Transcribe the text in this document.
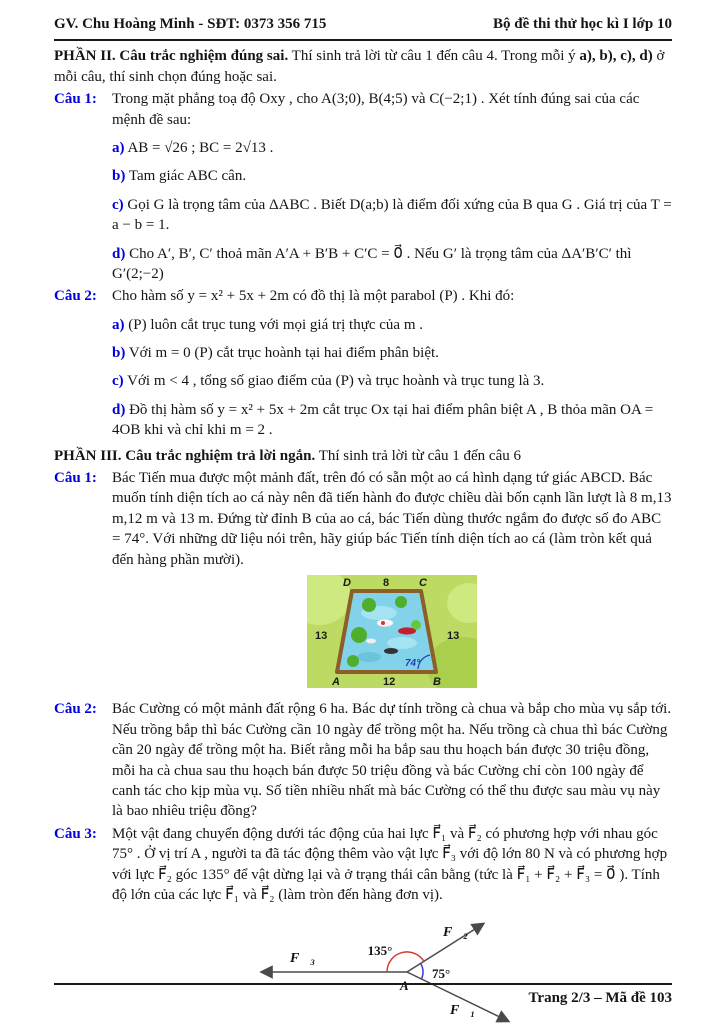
GV. Chu Hoàng Minh - SĐT: 0373 356 715	Bộ đề thi thử học kì I lớp 10

PHẦN II. Câu trắc nghiệm đúng sai. Thí sinh trả lời từ câu 1 đến câu 4. Trong mỗi ý a), b), c), d) ở mỗi câu, thí sinh chọn đúng hoặc sai.

Câu 1:	Trong mặt phẳng toạ độ Oxy , cho A(3;0), B(4;5) và C(−2;1) . Xét tính đúng sai của các mệnh đề sau:

a) AB = √26 ; BC = 2√13 .

b) Tam giác ABC cân.

c) Gọi G là trọng tâm của ΔABC . Biết D(a;b) là điểm đối xứng của B qua G . Giá trị của T = a − b = 1.

d) Cho A′, B′, C′ thoả mãn A′A + B′B + C′C = 0⃗ . Nếu G′ là trọng tâm của ΔA′B′C′ thì G′(2;−2)

Câu 2:	Cho hàm số y = x² + 5x + 2m có đồ thị là một parabol (P) . Khi đó:

a) (P) luôn cắt trục tung với mọi giá trị thực của m .

b) Với m = 0 (P) cắt trục hoành tại hai điểm phân biệt.

c) Với m < 4 , tổng số giao điểm của (P) và trục hoành và trục tung là 3.

d) Đồ thị hàm số y = x² + 5x + 2m cắt trục Ox tại hai điểm phân biệt A , B thỏa mãn OA = 4OB khi và chỉ khi m = 2 .

PHẦN III. Câu trắc nghiệm trả lời ngắn. Thí sinh trả lời từ câu 1 đến câu 6

Câu 1:	Bác Tiến mua được một mảnh đất, trên đó có sẵn một ao cá hình dạng tứ giác ABCD. Bác muốn tính diện tích ao cá này nên đã tiến hành đo được chiều dài bốn cạnh lần lượt là 8 m,13 m,12 m và 13 m. Đứng từ đỉnh B của ao cá, bác Tiến dùng thước ngắm đo được số đo ABC = 74°. Với những dữ liệu nói trên, hãy giúp bác Tiến tính diện tích ao cá (làm tròn kết quả đến hàng phần mười).

74°
D	8	C
13	13
A	12	B
Câu 2:	Bác Cường có một mảnh đất rộng 6 ha. Bác dự tính trồng cà chua và bắp cho mùa vụ sắp tới. Nếu trồng bắp thì bác Cường cần 10 ngày để trồng một ha. Nếu trồng cà chua thì bác Cường cần 20 ngày để trồng một ha. Biết rằng mỗi ha bắp sau thu hoạch bán được 30 triệu đồng, mỗi ha cà chua sau thu hoạch bán được 50 triệu đồng và bác Cường chỉ còn 100 ngày để canh tác cho kịp mùa vụ. Số tiền nhiều nhất mà bác Cường có thể thu được sau màu vụ này là bao nhiêu triệu đồng?

Câu 3:	Một vật đang chuyển động dưới tác động của hai lực F⃗₁ và F⃗₂ có phương hợp với nhau góc 75° . Ở vị trí A , người ta đã tác động thêm vào vật lực F⃗₃ với độ lớn 80 N và có phương hợp với lực F⃗₂ góc 135° để vật dừng lại và ở trạng thái cân bằng (tức là F⃗₁ + F⃗₂ + F⃗₃ = 0⃗ ). Tính độ lớn của các lực F⃗₁ và F⃗₂ (làm tròn đến hàng đơn vị).

135°
75°
A
F⃗₃
F⃗₂
F⃗₁
Trang 2/3 – Mã đề 103
